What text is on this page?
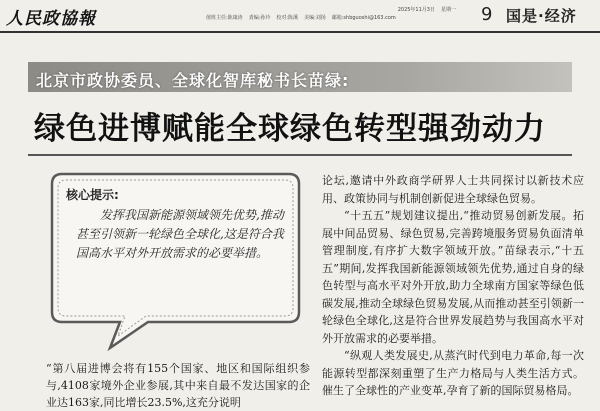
人民政協報	2025年11月3日 星期一
值班主任:陈康涛 責编:孙玲 校对:陈溪 美编:刘扬 邮箱:shbguoshi@163.com	9 国是·经济
北京市政协委员、全球化智库秘书长苗绿:
绿色进博赋能全球绿色转型强劲动力
核心提示:
发挥我国新能源领域领先优势,推动甚至引领新一轮绿色全球化,这是符合我国高水平对外开放需求的必要举措。

“第八届进博会将有155个国家、地区和国际组织参与,4108家境外企业参展,其中来自最不发达国家的企业达163家,同比增长23.5%,这充分说明

论坛,邀请中外政商学研界人士共同探讨以新技术应用、政策协同与机制创新促进全球绿色贸易。

“十五五”规划建议提出,“推动贸易创新发展。拓展中间品贸易、绿色贸易,完善跨境服务贸易负面清单管理制度,有序扩大数字领域开放。”苗绿表示,“十五五”期间,发挥我国新能源领域领先优势,通过自身的绿色转型与高水平对外开放,助力全球南方国家等绿色低碳发展,推动全球绿色贸易发展,从而推动甚至引领新一轮绿色全球化,这是符合世界发展趋势与我国高水平对外开放需求的必要举措。

“纵观人类发展史,从蒸汽时代到电力革命,每一次能源转型都深刻重塑了生产力格局与人类生活方式。催生了全球性的产业变革,孕育了新的国际贸易格局。
